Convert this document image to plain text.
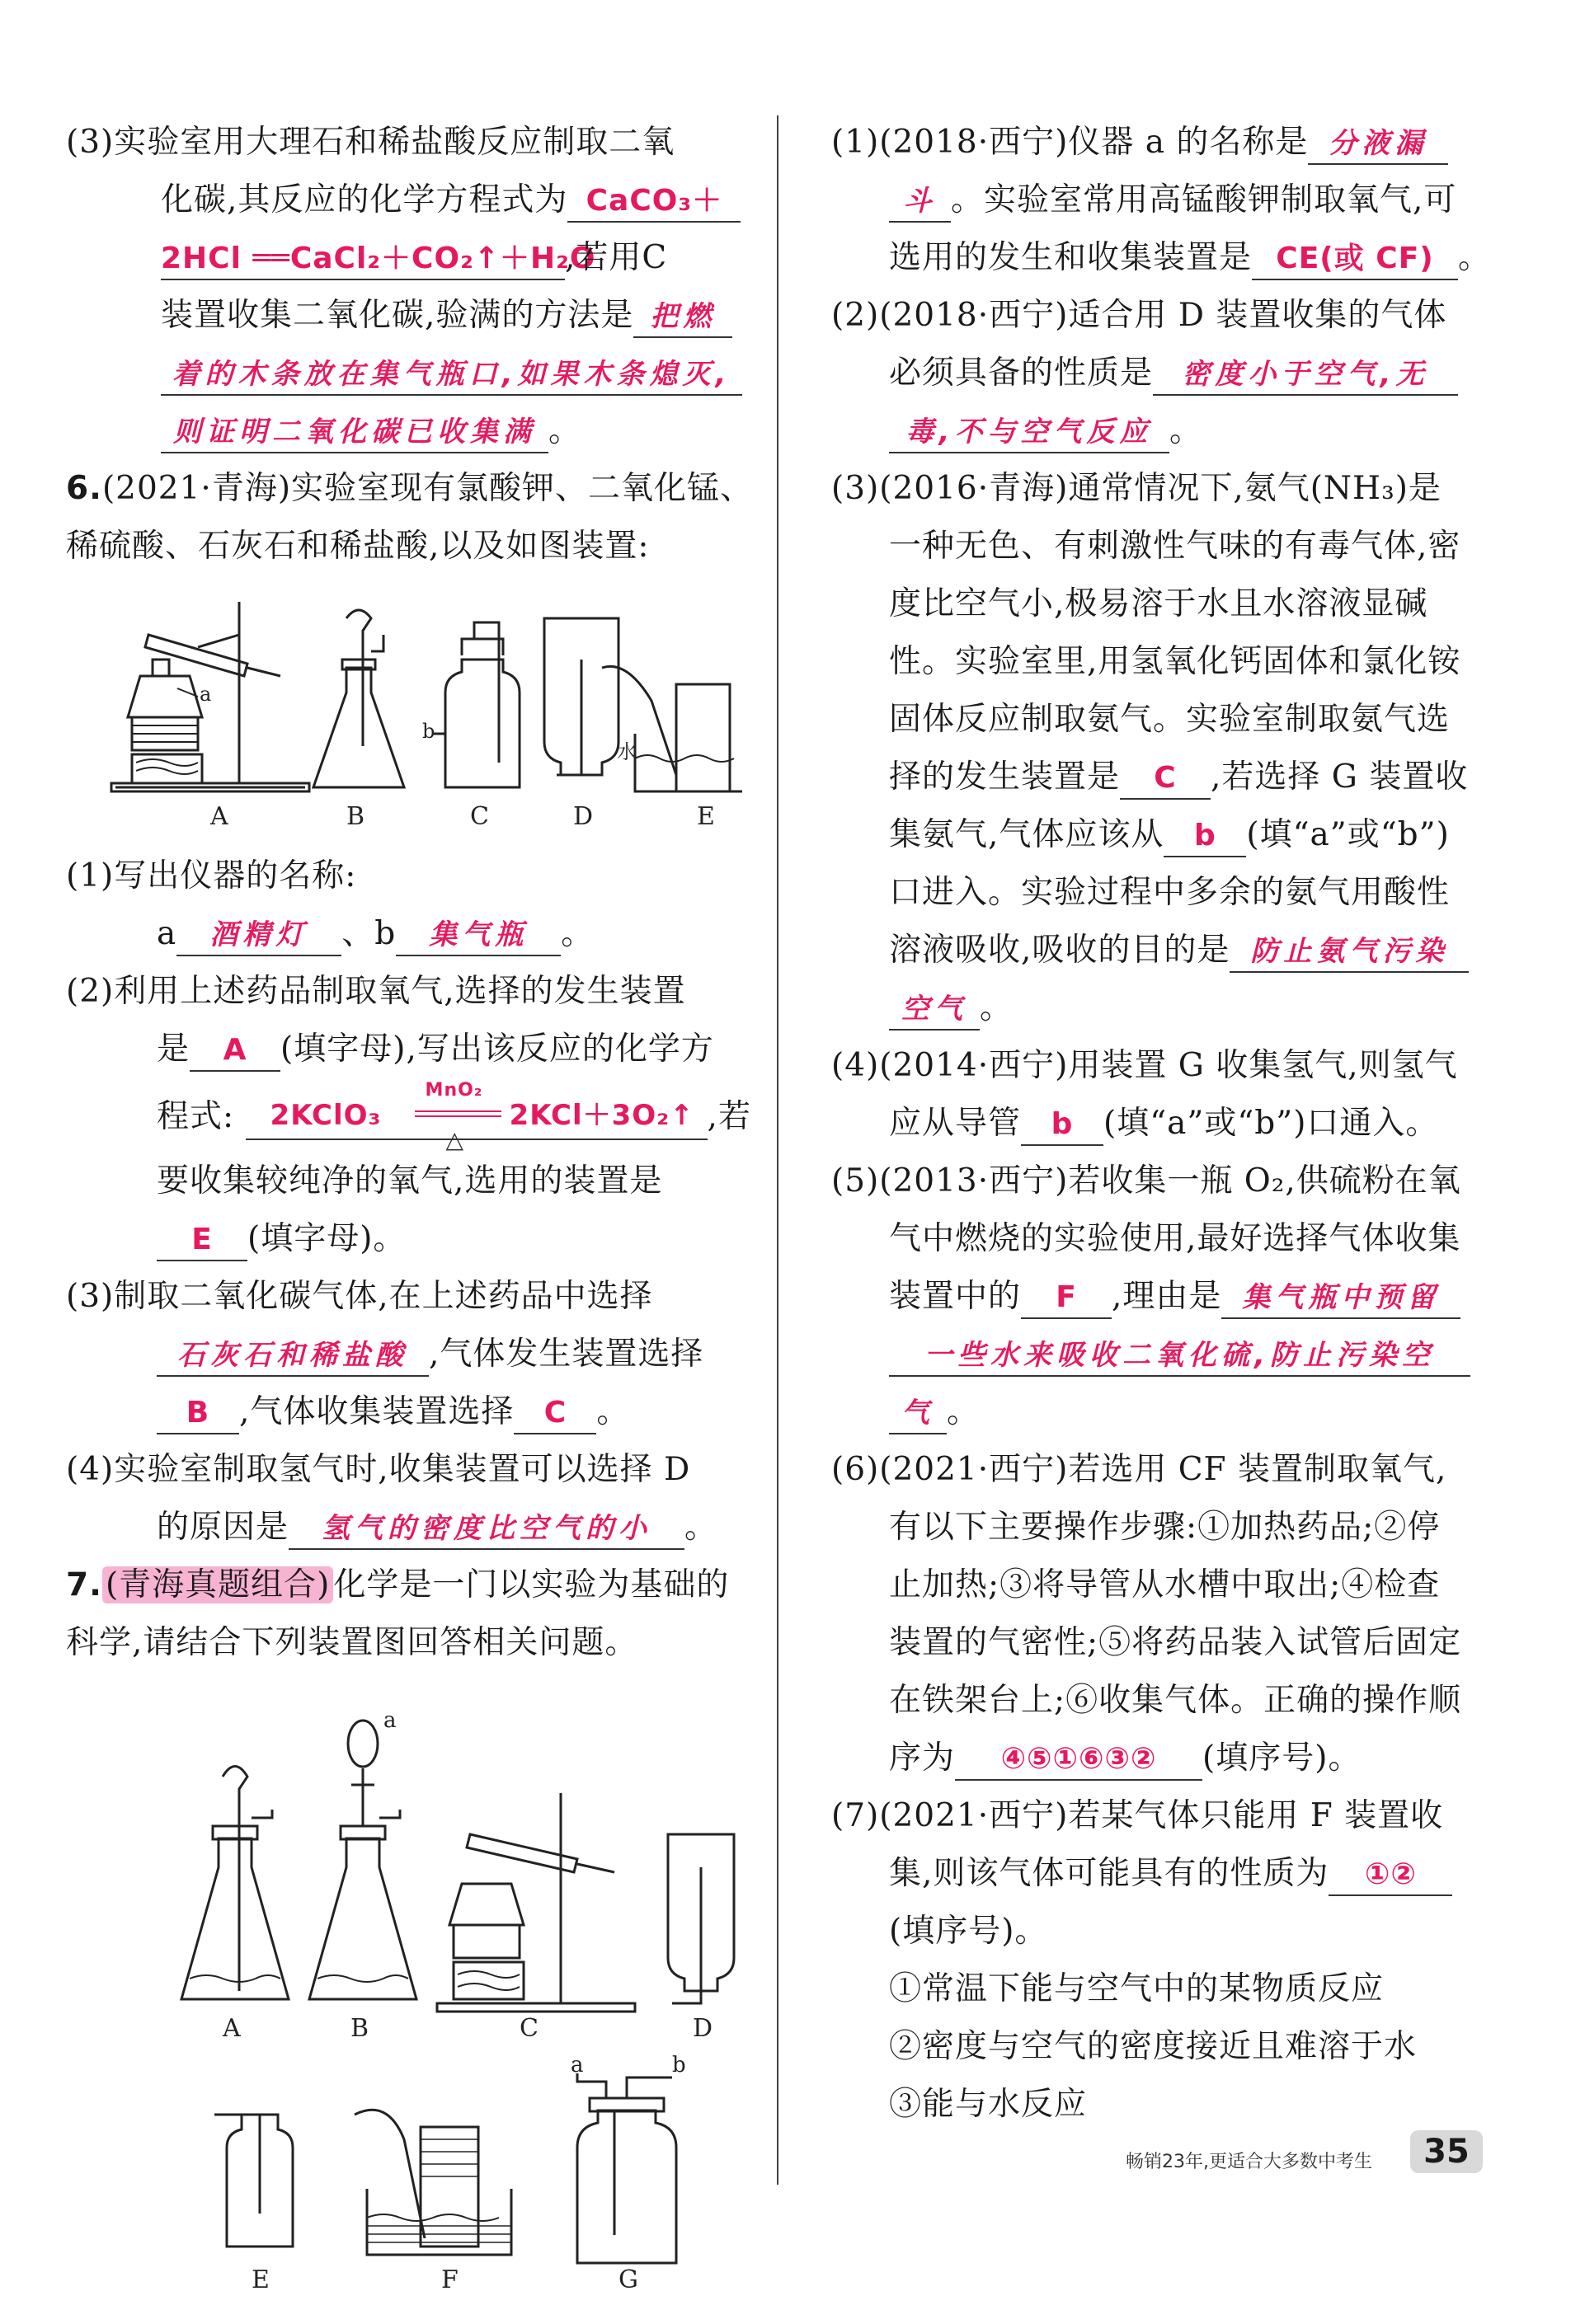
(3)实验室用大理石和稀盐酸反应制取二氧
化碳,其反应的化学方程式为 CaCO₃＋
2HCl ══CaCl₂＋CO₂↑＋H₂O,若用C
装置收集二氧化碳,验满的方法是 把燃
着的木条放在集气瓶口,如果木条熄灭,
则证明二氧化碳已收集满 。
6.(2021·青海)实验室现有氯酸钾、二氧化锰、
稀硫酸、石灰石和稀盐酸,以及如图装置:
A	B	C	D	E
a
b
水
(1)写出仪器的名称:
a 酒精灯 、b 集气瓶 。
(2)利用上述药品制取氧气,选择的发生装置
是 A (填字母),写出该反应的化学方
程式: 2KClO₃
MnO₂
△
2KCl＋3O₂↑ ,若
要收集较纯净的氧气,选用的装置是
E (填字母)。
(3)制取二氧化碳气体,在上述药品中选择
石灰石和稀盐酸 ,气体发生装置选择
B ,气体收集装置选择 C 。
(4)实验室制取氢气时,收集装置可以选择 D
的原因是 氢气的密度比空气的小 。
7. (青海真题组合) 化学是一门以实验为基础的
科学,请结合下列装置图回答相关问题。
A	B	C	D
a
E	F	G
a	b
(1)(2018·西宁)仪器 a 的名称是 分液漏
斗 。实验室常用高锰酸钾制取氧气,可
选用的发生和收集装置是 CE(或 CF) 。
(2)(2018·西宁)适合用 D 装置收集的气体
必须具备的性质是 密度小于空气,无
毒,不与空气反应 。
(3)(2016·青海)通常情况下,氨气(NH₃)是
一种无色、有刺激性气味的有毒气体,密
度比空气小,极易溶于水且水溶液显碱
性。实验室里,用氢氧化钙固体和氯化铵
固体反应制取氨气。实验室制取氨气选
择的发生装置是 C ,若选择 G 装置收
集氨气,气体应该从 b (填“a”或“b”)
口进入。实验过程中多余的氨气用酸性
溶液吸收,吸收的目的是 防止氨气污染
空气 。
(4)(2014·西宁)用装置 G 收集氢气,则氢气
应从导管 b (填“a”或“b”)口通入。
(5)(2013·西宁)若收集一瓶 O₂,供硫粉在氧
气中燃烧的实验使用,最好选择气体收集
装置中的 F ,理由是 集气瓶中预留
一些水来吸收二氧化硫,防止污染空
气 。
(6)(2021·西宁)若选用 CF 装置制取氧气,
有以下主要操作步骤:①加热药品;②停
止加热;③将导管从水槽中取出;④检查
装置的气密性;⑤将药品装入试管后固定
在铁架台上;⑥收集气体。正确的操作顺
序为 ④⑤①⑥③② (填序号)。
(7)(2021·西宁)若某气体只能用 F 装置收
集,则该气体可能具有的性质为 ①②
(填序号)。
①常温下能与空气中的某物质反应
②密度与空气的密度接近且难溶于水
③能与水反应
畅销23年,更适合大多数中考生	35
